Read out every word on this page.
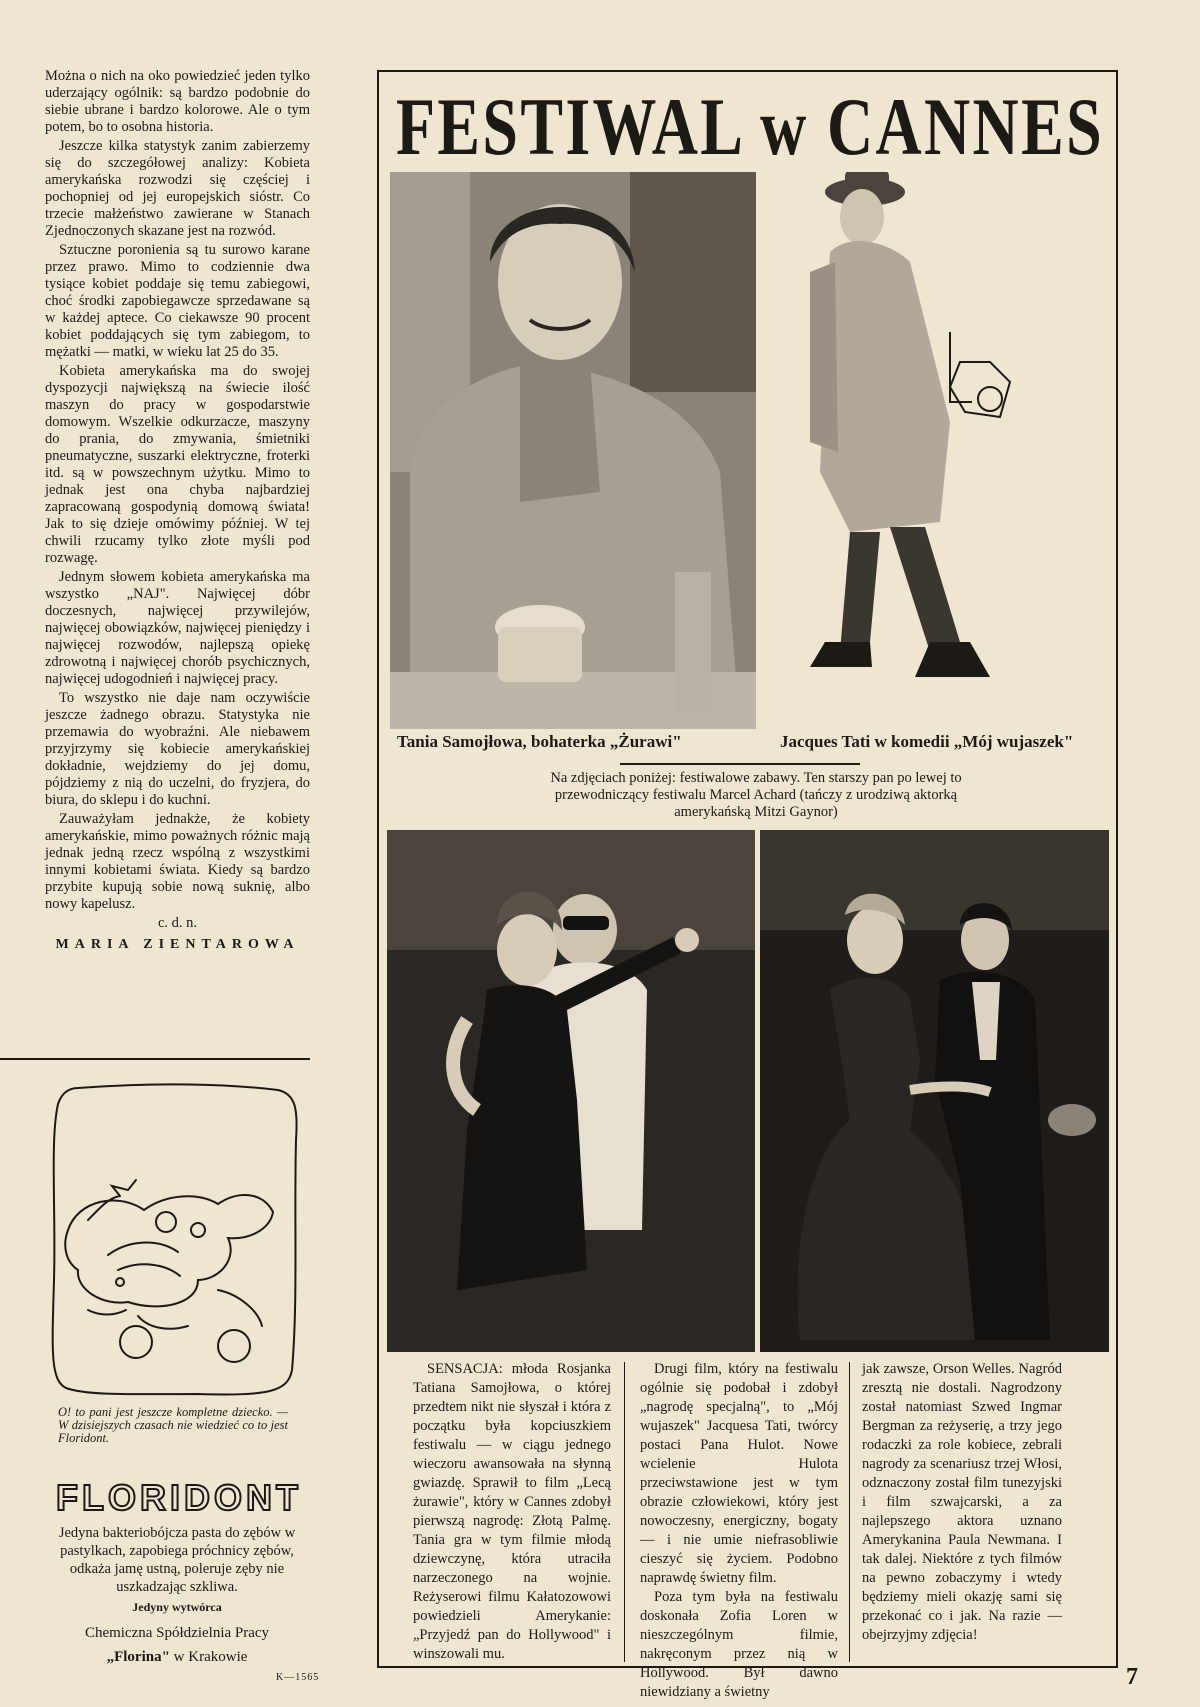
Można o nich na oko powiedzieć jeden tylko uderzający ogólnik: są bardzo podobnie do siebie ubrane i bardzo kolorowe. Ale o tym potem, bo to osobna historia.

Jeszcze kilka statystyk zanim zabierzemy się do szczegółowej analizy: Kobieta amerykańska rozwodzi się częściej i pochopniej od jej europejskich sióstr. Co trzecie małżeństwo zawierane w Stanach Zjednoczonych skazane jest na rozwód.

Sztuczne poronienia są tu surowo karane przez prawo. Mimo to codziennie dwa tysiące kobiet poddaje się temu zabiegowi, choć środki zapobiegawcze sprzedawane są w każdej aptece. Co ciekawsze 90 procent kobiet poddających się tym zabiegom, to mężatki — matki, w wieku lat 25 do 35.

Kobieta amerykańska ma do swojej dyspozycji największą na świecie ilość maszyn do pracy w gospodarstwie domowym. Wszelkie odkurzacze, maszyny do prania, do zmywania, śmietniki pneumatyczne, suszarki elektryczne, froterki itd. są w powszechnym użytku. Mimo to jednak jest ona chyba najbardziej zapracowaną gospodynią domową świata! Jak to się dzieje omówimy później. W tej chwili rzucamy tylko złote myśli pod rozwagę.

Jednym słowem kobieta amerykańska ma wszystko „NAJ". Najwięcej dóbr doczesnych, najwięcej przywilejów, najwięcej obowiązków, najwięcej pieniędzy i najwięcej rozwodów, najlepszą opiekę zdrowotną i najwięcej chorób psychicznych, najwięcej udogodnień i najwięcej pracy.

To wszystko nie daje nam oczywiście jeszcze żadnego obrazu. Statystyka nie przemawia do wyobraźni. Ale niebawem przyjrzymy się kobiecie amerykańskiej dokładnie, wejdziemy do jej domu, pójdziemy z nią do uczelni, do fryzjera, do biura, do sklepu i do kuchni.

Zauważyłam jednakże, że kobiety amerykańskie, mimo poważnych różnic mają jednak jedną rzecz wspólną z wszystkimi innymi kobietami świata. Kiedy są bardzo przybite kupują sobie nową suknię, albo nowy kapelusz.

c. d. n.
MARIA ZIENTAROWA
O! to pani jest jeszcze kompletne dziecko. — W dzisiejszych czasach nie wiedzieć co to jest Floridont.
FLORIDONT
Jedyna bakteriobójcza pasta do zębów w pastylkach, zapobiega próchnicy zębów, odkaża jamę ustną, poleruje zęby nie uszkadzając szkliwa.
Jedyny wytwórca
Chemiczna Spółdzielnia Pracy
„Florina" w Krakowie
K—1565
FESTIWAL w CANNES
Tania Samojłowa, bohaterka „Żurawi"	Jacques Tati w komedii „Mój wujaszek"
Na zdjęciach poniżej: festiwalowe zabawy. Ten starszy pan po lewej to przewodniczący festiwalu Marcel Achard (tańczy z urodziwą aktorką amerykańską Mitzi Gaynor)

SENSACJA: młoda Rosjanka Tatiana Samojłowa, o której przedtem nikt nie słyszał i która z początku była kopciuszkiem festiwalu — w ciągu jednego wieczoru awansowała na słynną gwiazdę. Sprawił to film „Lecą żurawie", który w Cannes zdobył pierwszą nagrodę: Złotą Palmę. Tania gra w tym filmie młodą dziewczynę, która utraciła narzeczonego na wojnie. Reżyserowi filmu Kałatozowowi powiedzieli Amerykanie: „Przyjedź pan do Hollywood" i winszowali mu.

Drugi film, który na festiwalu ogólnie się podobał i zdobył „nagrodę specjalną", to „Mój wujaszek" Jacquesa Tati, twórcy postaci Pana Hulot. Nowe wcielenie Hulota przeciwstawione jest w tym obrazie człowiekowi, który jest nowoczesny, energiczny, bogaty — i nie umie niefrasobliwie cieszyć się życiem. Podobno naprawdę świetny film.

Poza tym była na festiwalu doskonała Zofia Loren w nieszczególnym filmie, nakręconym przez nią w Hollywood. Był dawno niewidziany a świetny

jak zawsze, Orson Welles. Nagród zresztą nie dostali. Nagrodzony został natomiast Szwed Ingmar Bergman za reżyserię, a trzy jego rodaczki za role kobiece, zebrali nagrody za scenariusz trzej Włosi, odznaczony został film tunezyjski i film szwajcarski, a za najlepszego aktora uznano Amerykanina Paula Newmana. I tak dalej. Niektóre z tych filmów na pewno zobaczymy i wtedy będziemy mieli okazję sami się przekonać co i jak. Na razie — obejrzyjmy zdjęcia!

7
